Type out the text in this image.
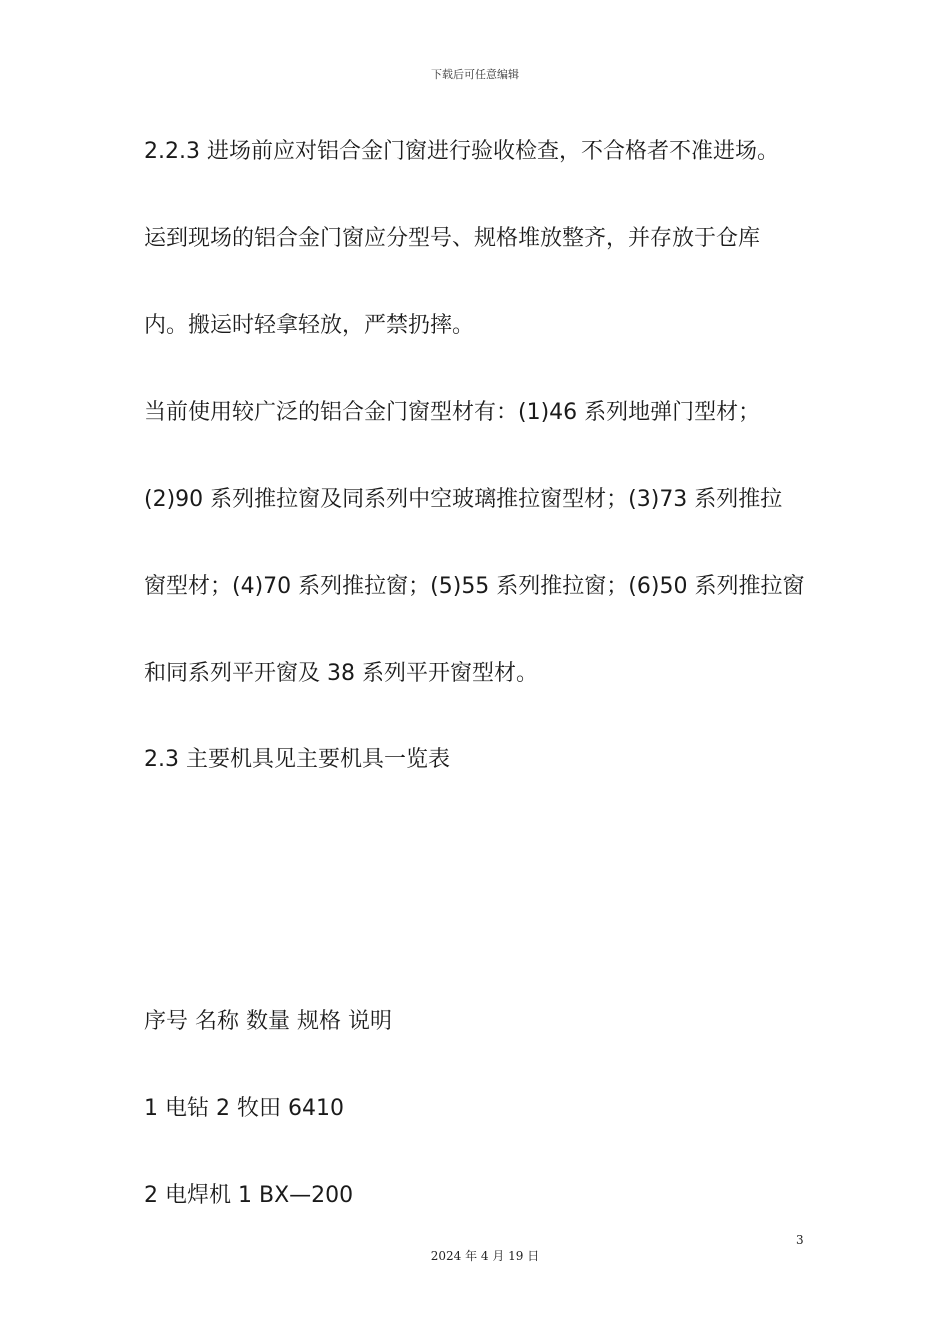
下载后可任意编辑
2.2.3 进场前应对铝合金门窗进行验收检查，不合格者不准进场。
运到现场的铝合金门窗应分型号、规格堆放整齐，并存放于仓库
内。搬运时轻拿轻放，严禁扔摔。
当前使用较广泛的铝合金门窗型材有：(1)46 系列地弹门型材；
(2)90 系列推拉窗及同系列中空玻璃推拉窗型材；(3)73 系列推拉
窗型材；(4)70 系列推拉窗；(5)55 系列推拉窗；(6)50 系列推拉窗
和同系列平开窗及 38 系列平开窗型材。
2.3 主要机具见主要机具一览表
序号 名称 数量 规格 说明
1 电钻 2 牧田 6410
2 电焊机 1 BX—200
3
2024 年 4 月 19 日
